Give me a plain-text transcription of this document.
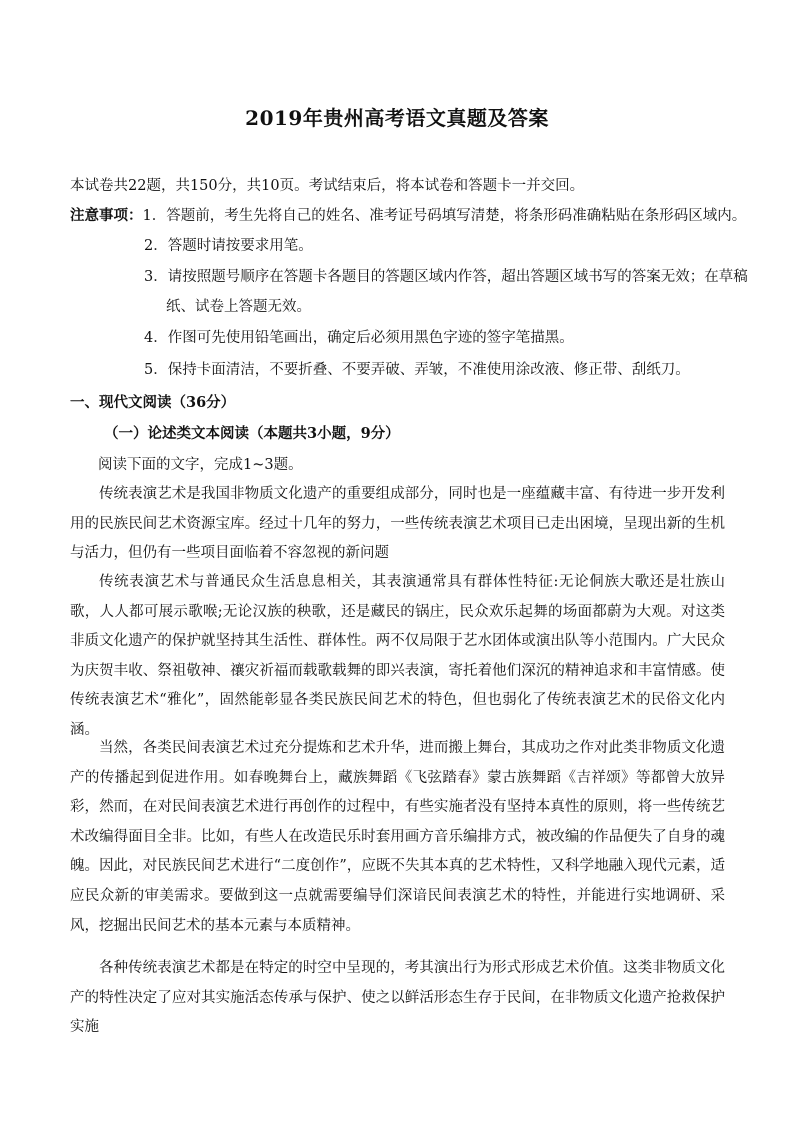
2019年贵州高考语文真题及答案
本试卷共22题，共150分，共10页。考试结束后，将本试卷和答题卡一并交回。
注意事项：1．答题前，考生先将自己的姓名、准考证号码填写清楚，将条形码准确粘贴在条形码区域内。
2．答题时请按要求用笔。
3．请按照题号顺序在答题卡各题目的答题区域内作答，超出答题区域书写的答案无效；在草稿
纸、试卷上答题无效。
4．作图可先使用铅笔画出，确定后必须用黑色字迹的签字笔描黑。
5．保持卡面清洁，不要折叠、不要弄破、弄皱，不准使用涂改液、修正带、刮纸刀。
一、现代文阅读（36分）
（一）论述类文本阅读（本题共3小题，9分）
阅读下面的文字，完成1~3题。
传统表演艺术是我国非物质文化遗产的重要组成部分，同时也是一座蕴藏丰富、有待进一步开发利用的民族民间艺术资源宝库。经过十几年的努力，一些传统表演艺术项目已走出困境，呈现出新的生机与活力，但仍有一些项目面临着不容忽视的新问题
传统表演艺术与普通民众生活息息相关，其表演通常具有群体性特征:无论侗族大歌还是壮族山歌，人人都可展示歌喉;无论汉族的秧歌，还是藏民的锅庄，民众欢乐起舞的场面都蔚为大观。对这类非质文化遗产的保护就坚持其生活性、群体性。两不仅局限于艺水团体或演出队等小范围内。广大民众为庆贺丰收、祭祖敬神、禳灾祈福而载歌载舞的即兴表演，寄托着他们深沉的精神追求和丰富情感。使传统表演艺术“雅化”，固然能彰显各类民族民间艺术的特色，但也弱化了传统表演艺术的民俗文化内涵。
当然，各类民间表演艺术过充分提炼和艺术升华，进而搬上舞台，其成功之作对此类非物质文化遗产的传播起到促进作用。如春晚舞台上，藏族舞蹈《飞弦踏春》蒙古族舞蹈《吉祥颂》等都曾大放异彩，然而，在对民间表演艺术进行再创作的过程中，有些实施者没有坚持本真性的原则，将一些传统艺术改编得面目全非。比如，有些人在改造民乐时套用画方音乐编排方式，被改编的作品便失了自身的魂魄。因此，对民族民间艺术进行“二度创作”，应既不失其本真的艺术特性，又科学地融入现代元素，适应民众新的审美需求。要做到这一点就需要编导们深谙民间表演艺术的特性，并能进行实地调研、采风，挖掘出民间艺术的基本元素与本质精神。
各种传统表演艺术都是在特定的时空中呈现的，考其演出行为形式形成艺术价值。这类非物质文化产的特性决定了应对其实施活态传承与保护、使之以鲜活形态生存于民间，在非物质文化遗产抢救保护实施
